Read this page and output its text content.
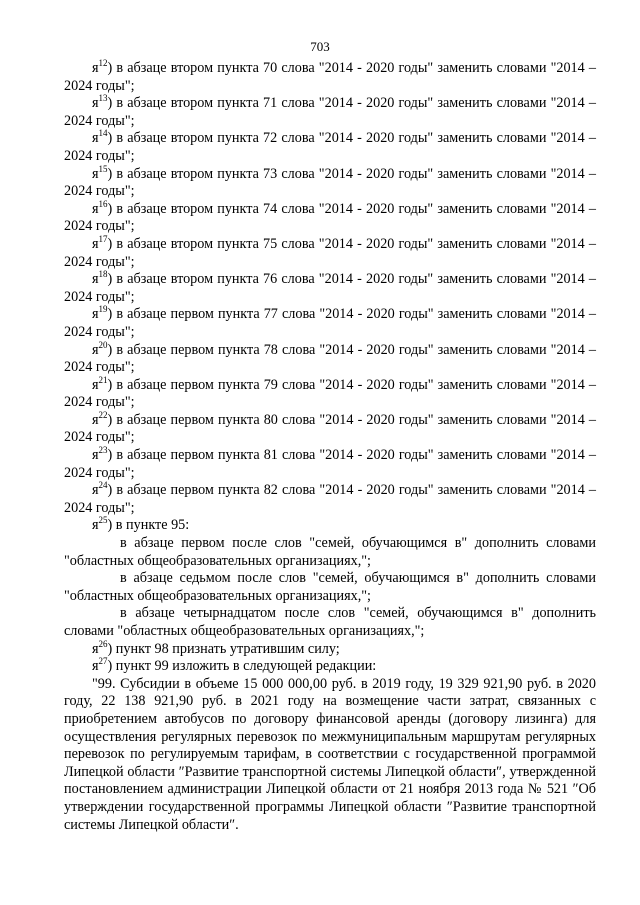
703

$я^{12}$) в абзаце втором пункта 70 слова "2014 - 2020 годы" заменить словами "2014 – 2024 годы";

$я^{13}$) в абзаце втором пункта 71 слова "2014 - 2020 годы" заменить словами "2014 – 2024 годы";

$я^{14}$) в абзаце втором пункта 72 слова "2014 - 2020 годы" заменить словами "2014 – 2024 годы";

$я^{15}$) в абзаце втором пункта 73 слова "2014 - 2020 годы" заменить словами "2014 – 2024 годы";

$я^{16}$) в абзаце втором пункта 74 слова "2014 - 2020 годы" заменить словами "2014 – 2024 годы";

$я^{17}$) в абзаце втором пункта 75 слова "2014 - 2020 годы" заменить словами "2014 – 2024 годы";

$я^{18}$) в абзаце втором пункта 76 слова "2014 - 2020 годы" заменить словами "2014 – 2024 годы";

$я^{19}$) в абзаце первом пункта 77 слова "2014 - 2020 годы" заменить словами "2014 – 2024 годы";

$я^{20}$) в абзаце первом пункта 78 слова "2014 - 2020 годы" заменить словами "2014 – 2024 годы";

$я^{21}$) в абзаце первом пункта 79 слова "2014 - 2020 годы" заменить словами "2014 – 2024 годы";

$я^{22}$) в абзаце первом пункта 80 слова "2014 - 2020 годы" заменить словами "2014 – 2024 годы";

$я^{23}$) в абзаце первом пункта 81 слова "2014 - 2020 годы" заменить словами "2014 – 2024 годы";

$я^{24}$) в абзаце первом пункта 82 слова "2014 - 2020 годы" заменить словами "2014 – 2024 годы";

$я^{25}$) в пункте 95:

в абзаце первом после слов "семей, обучающимся в" дополнить словами "областных общеобразовательных организациях,";

в абзаце седьмом после слов "семей, обучающимся в" дополнить словами "областных общеобразовательных организациях,";

в абзаце четырнадцатом после слов "семей, обучающимся в" дополнить словами "областных общеобразовательных организациях,";

$я^{26}$) пункт 98 признать утратившим силу;

$я^{27}$) пункт 99 изложить в следующей редакции:

"99. Субсидии в объеме 15 000 000,00 руб. в 2019 году, 19 329 921,90 руб. в 2020 году, 22 138 921,90 руб. в 2021 году на возмещение части затрат, связанных с приобретением автобусов по договору финансовой аренды (договору лизинга) для осуществления регулярных перевозок по межмуниципальным маршрутам регулярных перевозок по регулируемым тарифам, в соответствии с государственной программой Липецкой области ″Развитие транспортной системы Липецкой области″, утвержденной постановлением администрации Липецкой области от 21 ноября 2013 года № 521 ″Об утверждении государственной программы Липецкой области ″Развитие транспортной системы Липецкой области″.
